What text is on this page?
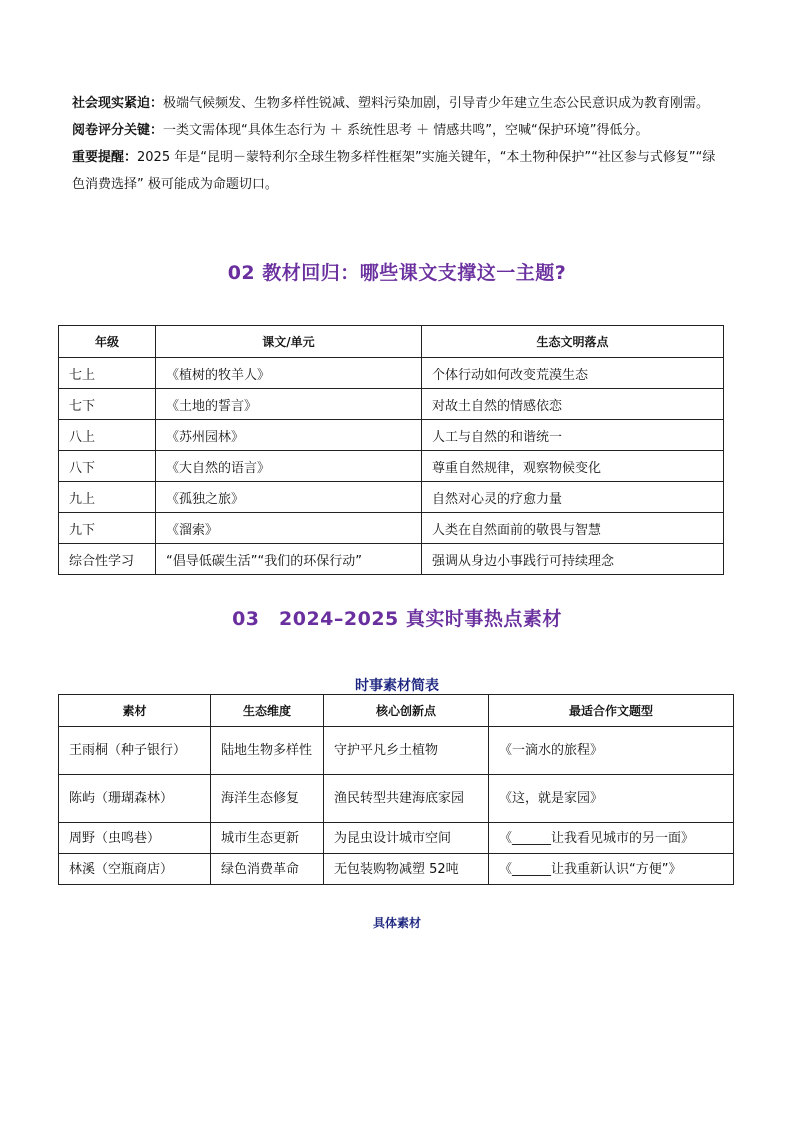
社会现实紧迫：极端气候频发、生物多样性锐减、塑料污染加剧，引导青少年建立生态公民意识成为教育刚需。

阅卷评分关键：一类文需体现“具体生态行为 ＋ 系统性思考 ＋ 情感共鸣”，空喊“保护环境”得低分。

重要提醒：2025 年是“昆明－蒙特利尔全球生物多样性框架”实施关键年，“本土物种保护”“社区参与式修复”“绿色消费选择” 极可能成为命题切口。

02 教材回归：哪些课文支撑这一主题?
年级	课文/单元	生态文明落点
七上	《植树的牧羊人》	个体行动如何改变荒漠生态
七下	《土地的誓言》	对故土自然的情感依恋
八上	《苏州园林》	人工与自然的和谐统一
八下	《大自然的语言》	尊重自然规律，观察物候变化
九上	《孤独之旅》	自然对心灵的疗愈力量
九下	《溜索》	人类在自然面前的敬畏与智慧
综合性学习	“倡导低碳生活”“我们的环保行动”	强调从身边小事践行可持续理念
03　2024–2025 真实时事热点素材
时事素材简表
素材	生态维度	核心创新点	最适合作文题型
王雨桐（种子银行）	陆地生物多样性	守护平凡乡土植物	《一滴水的旅程》
陈屿（珊瑚森林）	海洋生态修复	渔民转型共建海底家园	《这，就是家园》
周野（虫鸣巷）	城市生态更新	为昆虫设计城市空间	《______让我看见城市的另一面》
林溪（空瓶商店）	绿色消费革命	无包装购物减塑 52吨	《______让我重新认识“方便”》
具体素材
